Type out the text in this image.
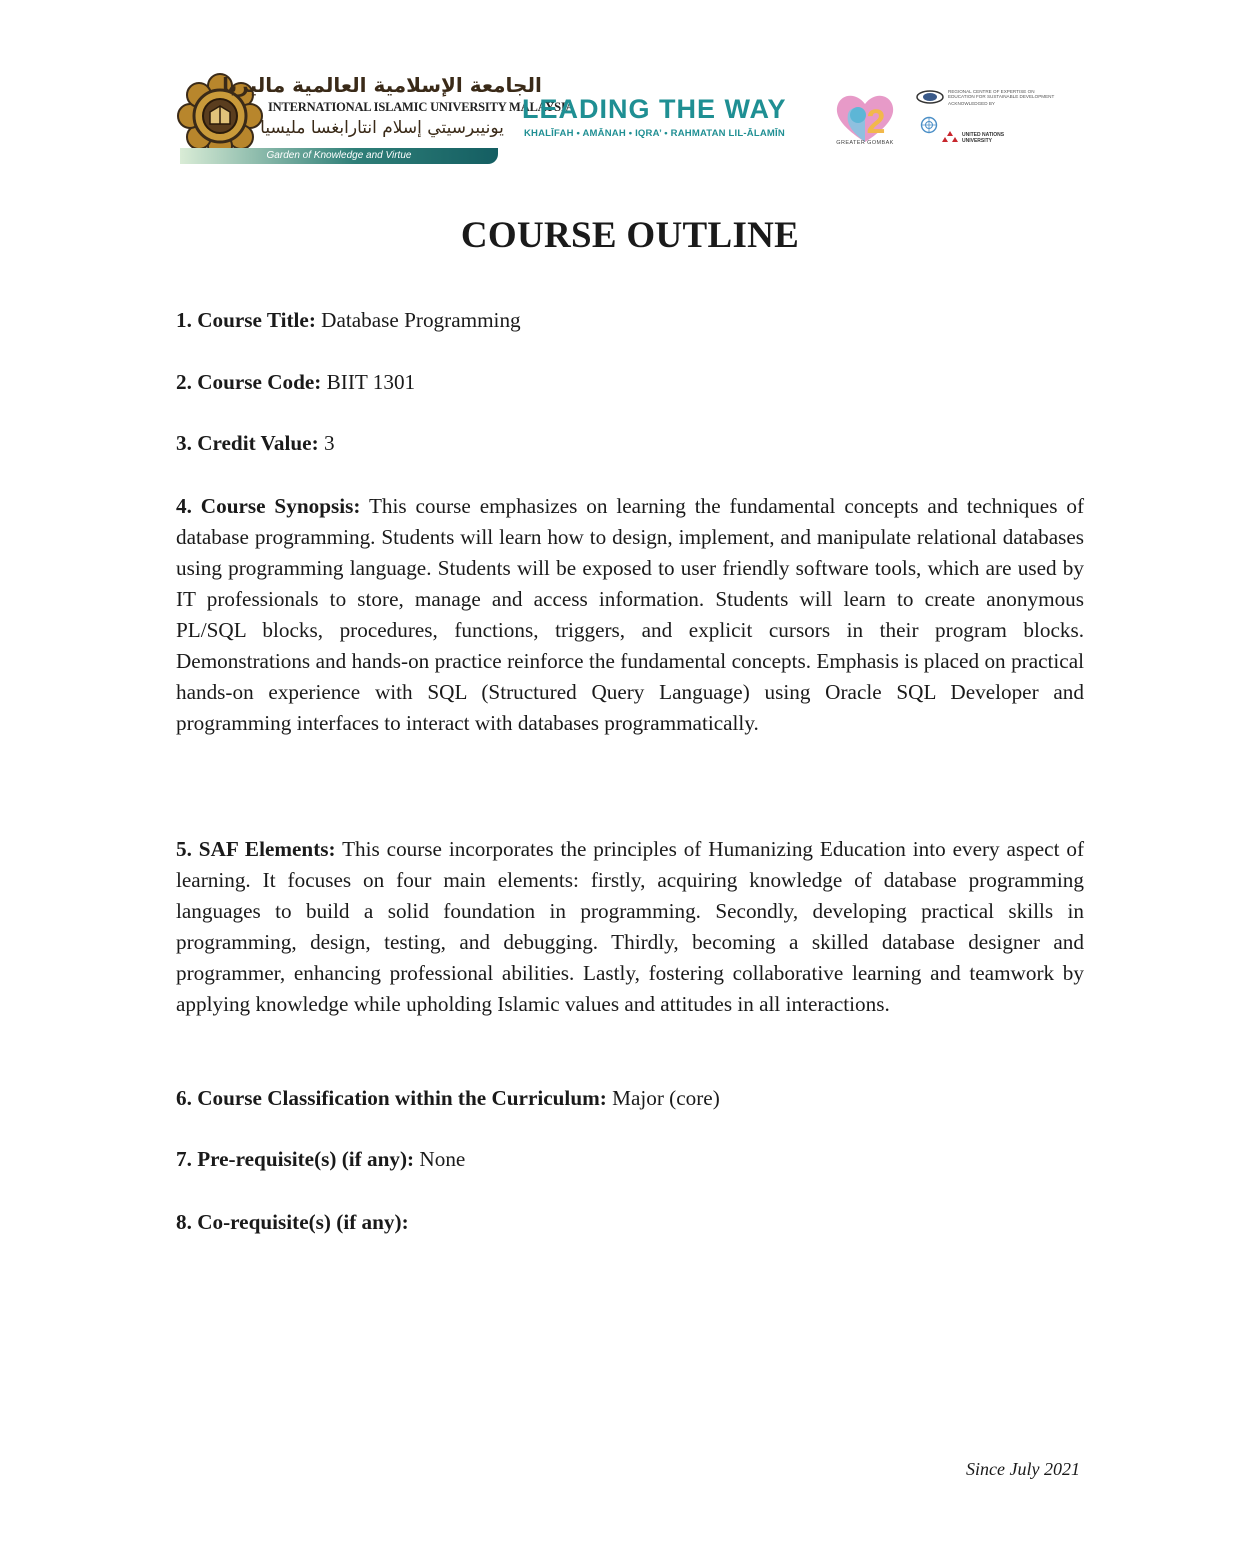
الجامعة الإسلامية العالمية ماليزيا
INTERNATIONAL ISLAMIC UNIVERSITY MALAYSIA
يونيبرسيتي إسلام انتارابغسا مليسيا
Garden of Knowledge and Virtue
LEADING THE WAY
KHALĪFAH • AMĀNAH • IQRA’ • RAHMATAN LIL-ĀLAMĪN 2
GREATER GOMBAK
REGIONAL CENTRE OF EXPERTISE ON EDUCATION FOR SUSTAINABLE DEVELOPMENT
ACKNOWLEDGED BY
UNITED NATIONS UNIVERSITY
COURSE OUTLINE
1. Course Title: Database Programming
2. Course Code: BIIT 1301
3. Credit Value: 3
4. Course Synopsis: This course emphasizes on learning the fundamental concepts and techniques of database programming. Students will learn how to design, implement, and manipulate relational databases using programming language. Students will be exposed to user friendly software tools, which are used by IT professionals to store, manage and access information. Students will learn to create anonymous PL/SQL blocks, procedures, functions, triggers, and explicit cursors in their program blocks. Demonstrations and hands-on practice reinforce the fundamental concepts. Emphasis is placed on practical hands-on experience with SQL (Structured Query Language) using Oracle SQL Developer and programming interfaces to interact with databases programmatically.
5. SAF Elements: This course incorporates the principles of Humanizing Education into every aspect of learning. It focuses on four main elements: firstly, acquiring knowledge of database programming languages to build a solid foundation in programming. Secondly, developing practical skills in programming, design, testing, and debugging. Thirdly, becoming a skilled database designer and programmer, enhancing professional abilities. Lastly, fostering collaborative learning and teamwork by applying knowledge while upholding Islamic values and attitudes in all interactions.
6. Course Classification within the Curriculum: Major (core)
7. Pre-requisite(s) (if any): None
8. Co-requisite(s) (if any):
Since July 2021
